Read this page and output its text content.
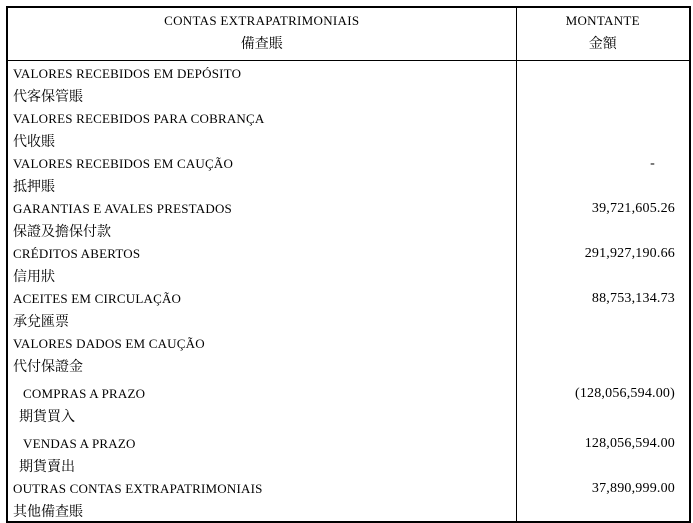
CONTAS EXTRAPATRIMONIAIS
備查賬

MONTANTE
金額

VALORES RECEBIDOS EM DEPÓSITO
代客保管賬	

VALORES RECEBIDOS PARA COBRANÇA
代收賬	

VALORES RECEBIDOS EM CAUÇÃO
抵押賬	-

GARANTIAS E AVALES PRESTADOS
保證及擔保付款	39,721,605.26

CRÉDITOS ABERTOS
信用狀	291,927,190.66

ACEITES EM CIRCULAÇÃO
承兌匯票	88,753,134.73

VALORES DADOS EM CAUÇÃO
代付保證金	

COMPRAS A PRAZO
期貨買入	(128,056,594.00)

VENDAS A PRAZO
期貨賣出	128,056,594.00

OUTRAS CONTAS EXTRAPATRIMONIAIS
其他備查賬	37,890,999.00
